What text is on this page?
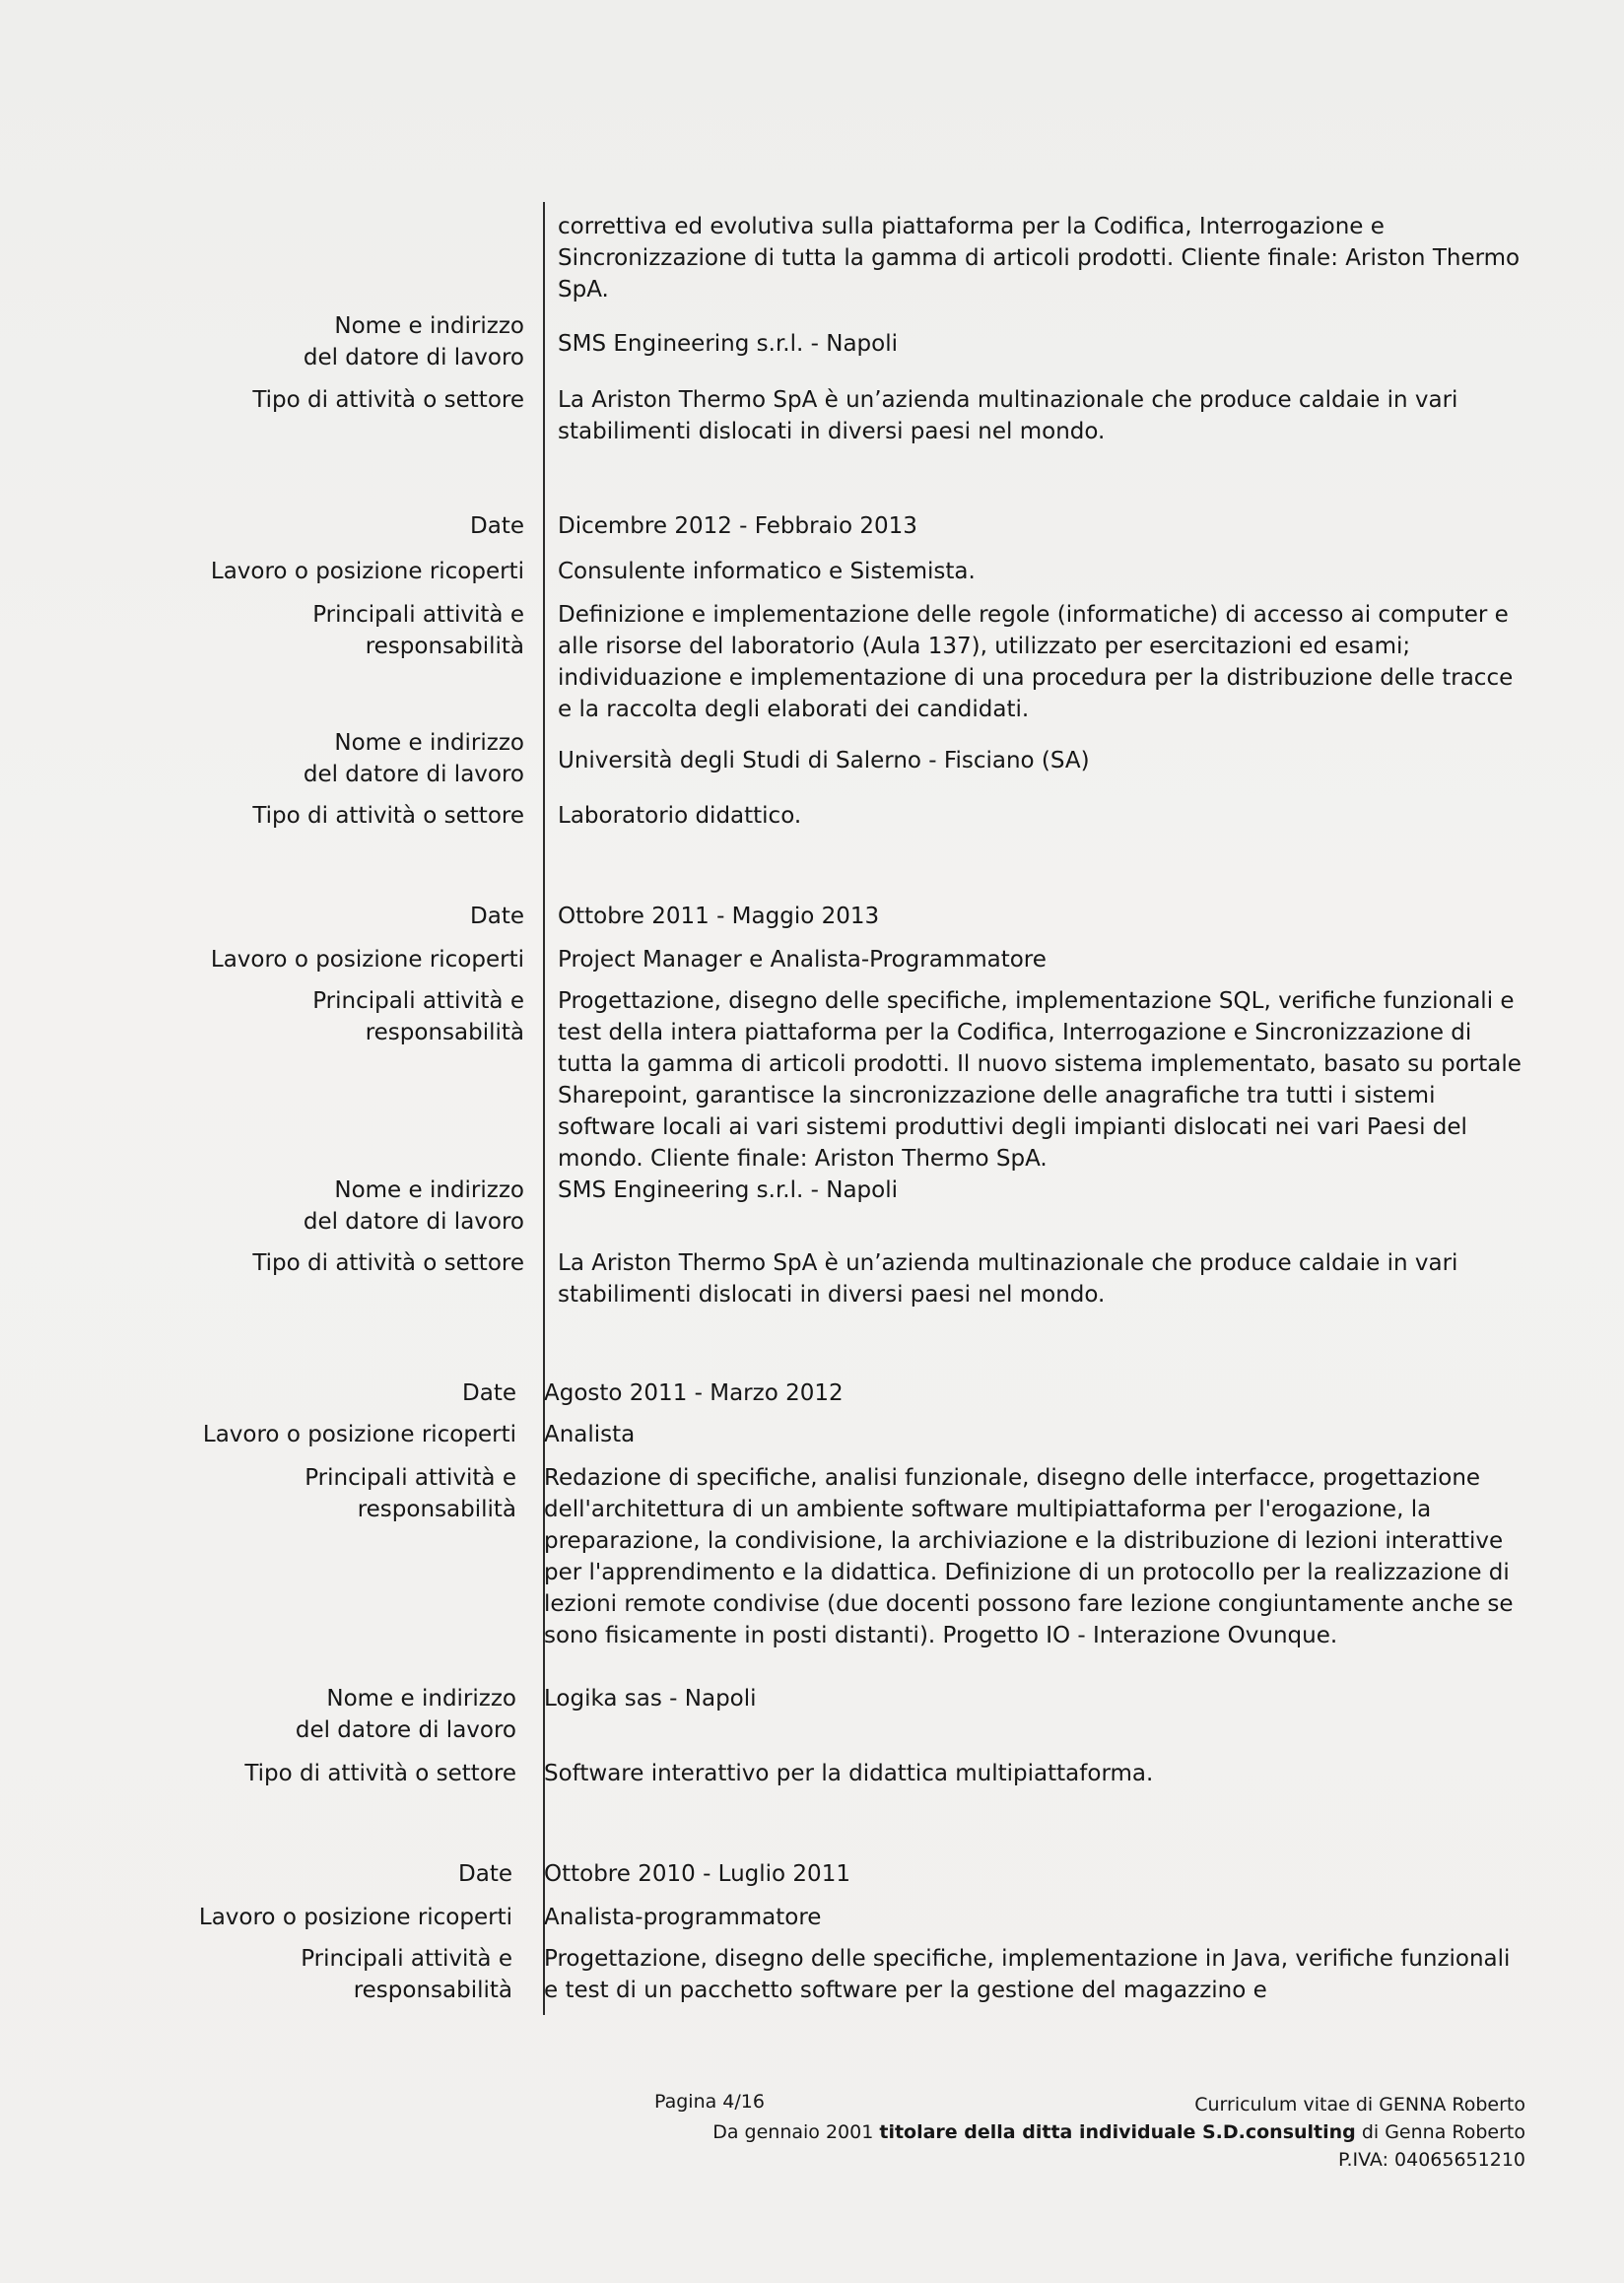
correttiva ed evolutiva sulla piattaforma per la Codifica, Interrogazione e Sincronizzazione di tutta la gamma di articoli prodotti. Cliente finale: Ariston Thermo SpA.
Nome e indirizzo del datore di lavoro
SMS Engineering s.r.l. - Napoli
Tipo di attività o settore La Ariston Thermo SpA è un’azienda multinazionale che produce caldaie in vari stabilimenti dislocati in diversi paesi nel mondo.
Date Dicembre 2012 - Febbraio 2013
Lavoro o posizione ricoperti Consulente informatico e Sistemista.
Principali attività e responsabilità
Definizione e implementazione delle regole (informatiche) di accesso ai computer e alle risorse del laboratorio (Aula 137), utilizzato per esercitazioni ed esami; individuazione e implementazione di una procedura per la distribuzione delle tracce e la raccolta degli elaborati dei candidati.
Nome e indirizzo del datore di lavoro
Università degli Studi di Salerno - Fisciano (SA)
Tipo di attività o settore Laboratorio didattico.
Date Ottobre 2011 - Maggio 2013
Lavoro o posizione ricoperti Project Manager e Analista-Programmatore
Principali attività e responsabilità
Progettazione, disegno delle specifiche, implementazione SQL, verifiche funzionali e test della intera piattaforma per la Codifica, Interrogazione e Sincronizzazione di tutta la gamma di articoli prodotti. Il nuovo sistema implementato, basato su portale Sharepoint, garantisce la sincronizzazione delle anagrafiche tra tutti i sistemi software locali ai vari sistemi produttivi degli impianti dislocati nei vari Paesi del mondo. Cliente finale: Ariston Thermo SpA.
Nome e indirizzo del datore di lavoro
SMS Engineering s.r.l. - Napoli
Tipo di attività o settore La Ariston Thermo SpA è un’azienda multinazionale che produce caldaie in vari stabilimenti dislocati in diversi paesi nel mondo.
Date Agosto 2011 - Marzo 2012
Lavoro o posizione ricoperti Analista
Principali attività e responsabilità
Redazione di specifiche, analisi funzionale, disegno delle interfacce, progettazione dell'architettura di un ambiente software multipiattaforma per l'erogazione, la preparazione, la condivisione, la archiviazione e la distribuzione di lezioni interattive per l'apprendimento e la didattica. Definizione di un protocollo per la realizzazione di lezioni remote condivise (due docenti possono fare lezione congiuntamente anche se sono fisicamente in posti distanti). Progetto IO - Interazione Ovunque.
Nome e indirizzo del datore di lavoro
Logika sas - Napoli
Tipo di attività o settore Software interattivo per la didattica multipiattaforma.
Date Ottobre 2010 - Luglio 2011
Lavoro o posizione ricoperti Analista-programmatore
Principali attività e responsabilità
Progettazione, disegno delle specifiche, implementazione in Java, verifiche funzionali e test di un pacchetto software per la gestione del magazzino e
Pagina 4/16	Curriculum vitae di GENNA Roberto
Da gennaio 2001 titolare della ditta individuale S.D.consulting di Genna Roberto
P.IVA: 04065651210
